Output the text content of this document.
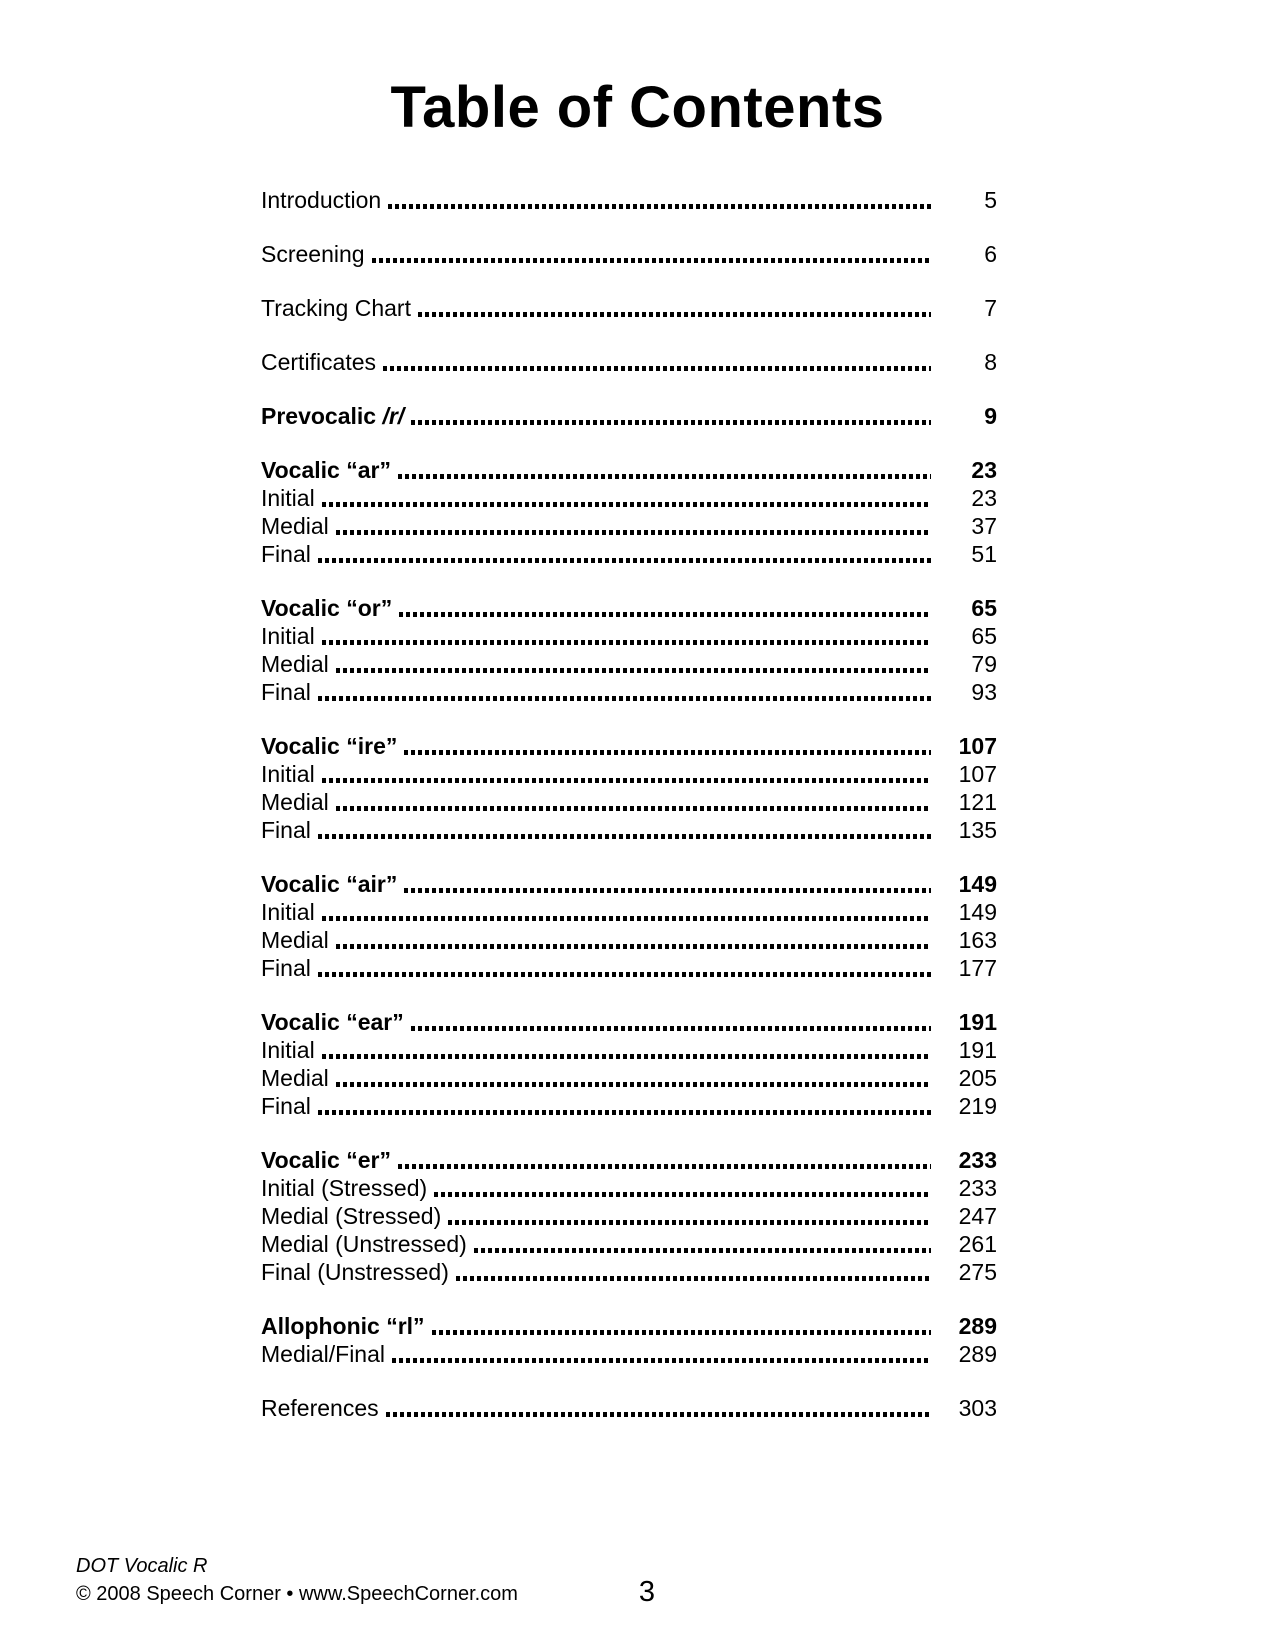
Table of Contents
Introduction	5
Screening	6
Tracking Chart	7
Certificates	8
Prevocalic /r/	9
Vocalic “ar”	23
Initial	23
Medial	37
Final	51
Vocalic “or”	65
Initial	65
Medial	79
Final	93
Vocalic “ire”	107
Initial	107
Medial	121
Final	135
Vocalic “air”	149
Initial	149
Medial	163
Final	177
Vocalic “ear”	191
Initial	191
Medial	205
Final	219
Vocalic “er”	233
Initial (Stressed)	233
Medial (Stressed)	247
Medial (Unstressed)	261
Final (Unstressed)	275
Allophonic “rl”	289
Medial/Final	289
References	303
DOT Vocalic R
© 2008 Speech Corner • www.SpeechCorner.com	3
